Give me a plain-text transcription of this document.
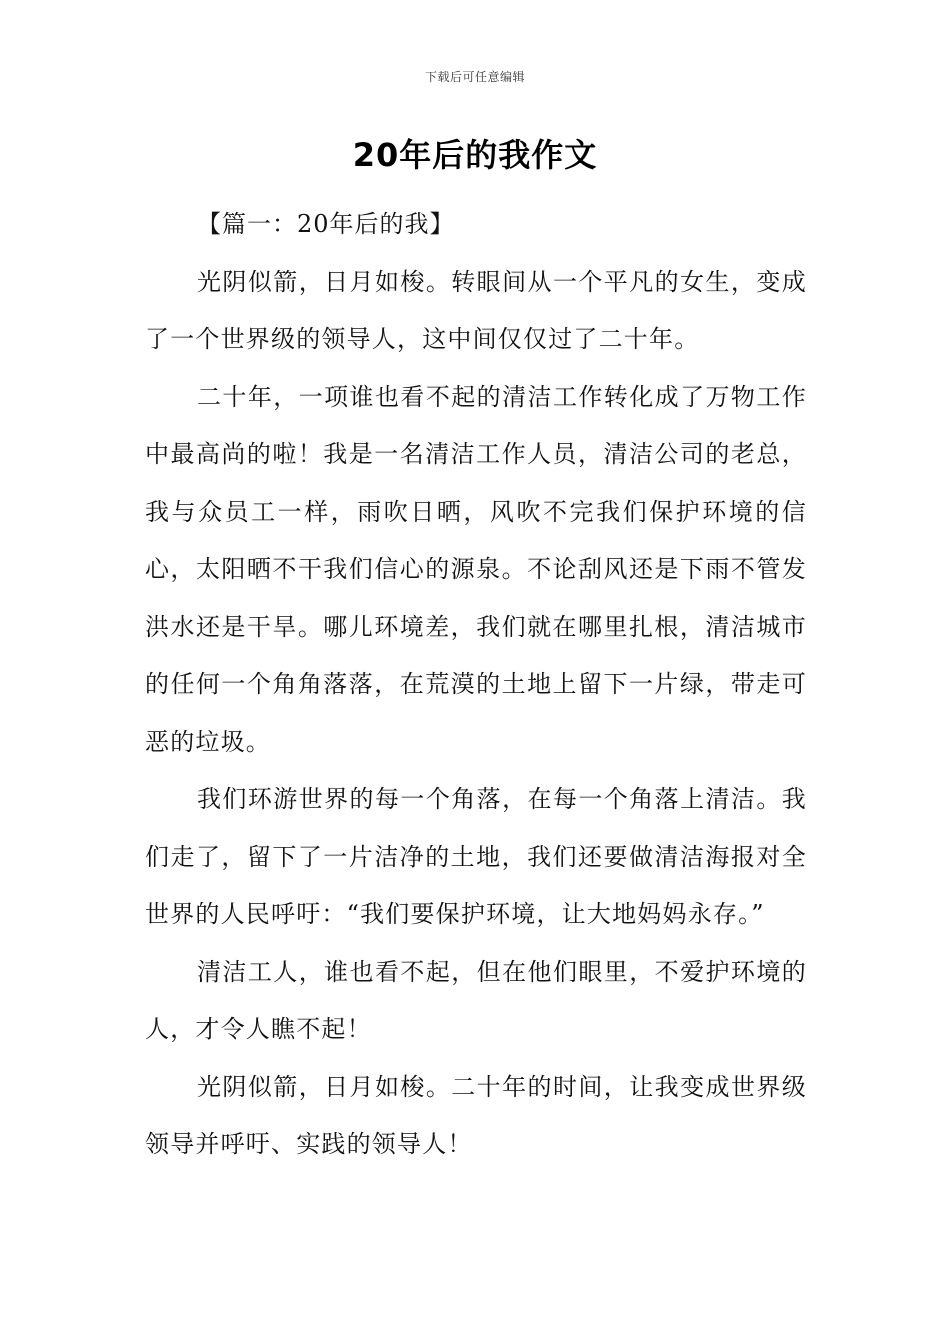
下载后可任意编辑
20年后的我作文
【篇一：20年后的我】

光阴似箭，日月如梭。转眼间从一个平凡的女生，变成了一个世界级的领导人，这中间仅仅过了二十年。

二十年，一项谁也看不起的清洁工作转化成了万物工作中最高尚的啦！我是一名清洁工作人员，清洁公司的老总，我与众员工一样，雨吹日晒，风吹不完我们保护环境的信心，太阳晒不干我们信心的源泉。不论刮风还是下雨不管发洪水还是干旱。哪儿环境差，我们就在哪里扎根，清洁城市的任何一个角角落落，在荒漠的土地上留下一片绿，带走可恶的垃圾。

我们环游世界的每一个角落，在每一个角落上清洁。我们走了，留下了一片洁净的土地，我们还要做清洁海报对全世界的人民呼吁：“我们要保护环境，让大地妈妈永存。”

清洁工人，谁也看不起，但在他们眼里，不爱护环境的人，才令人瞧不起！

光阴似箭，日月如梭。二十年的时间，让我变成世界级领导并呼吁、实践的领导人！
